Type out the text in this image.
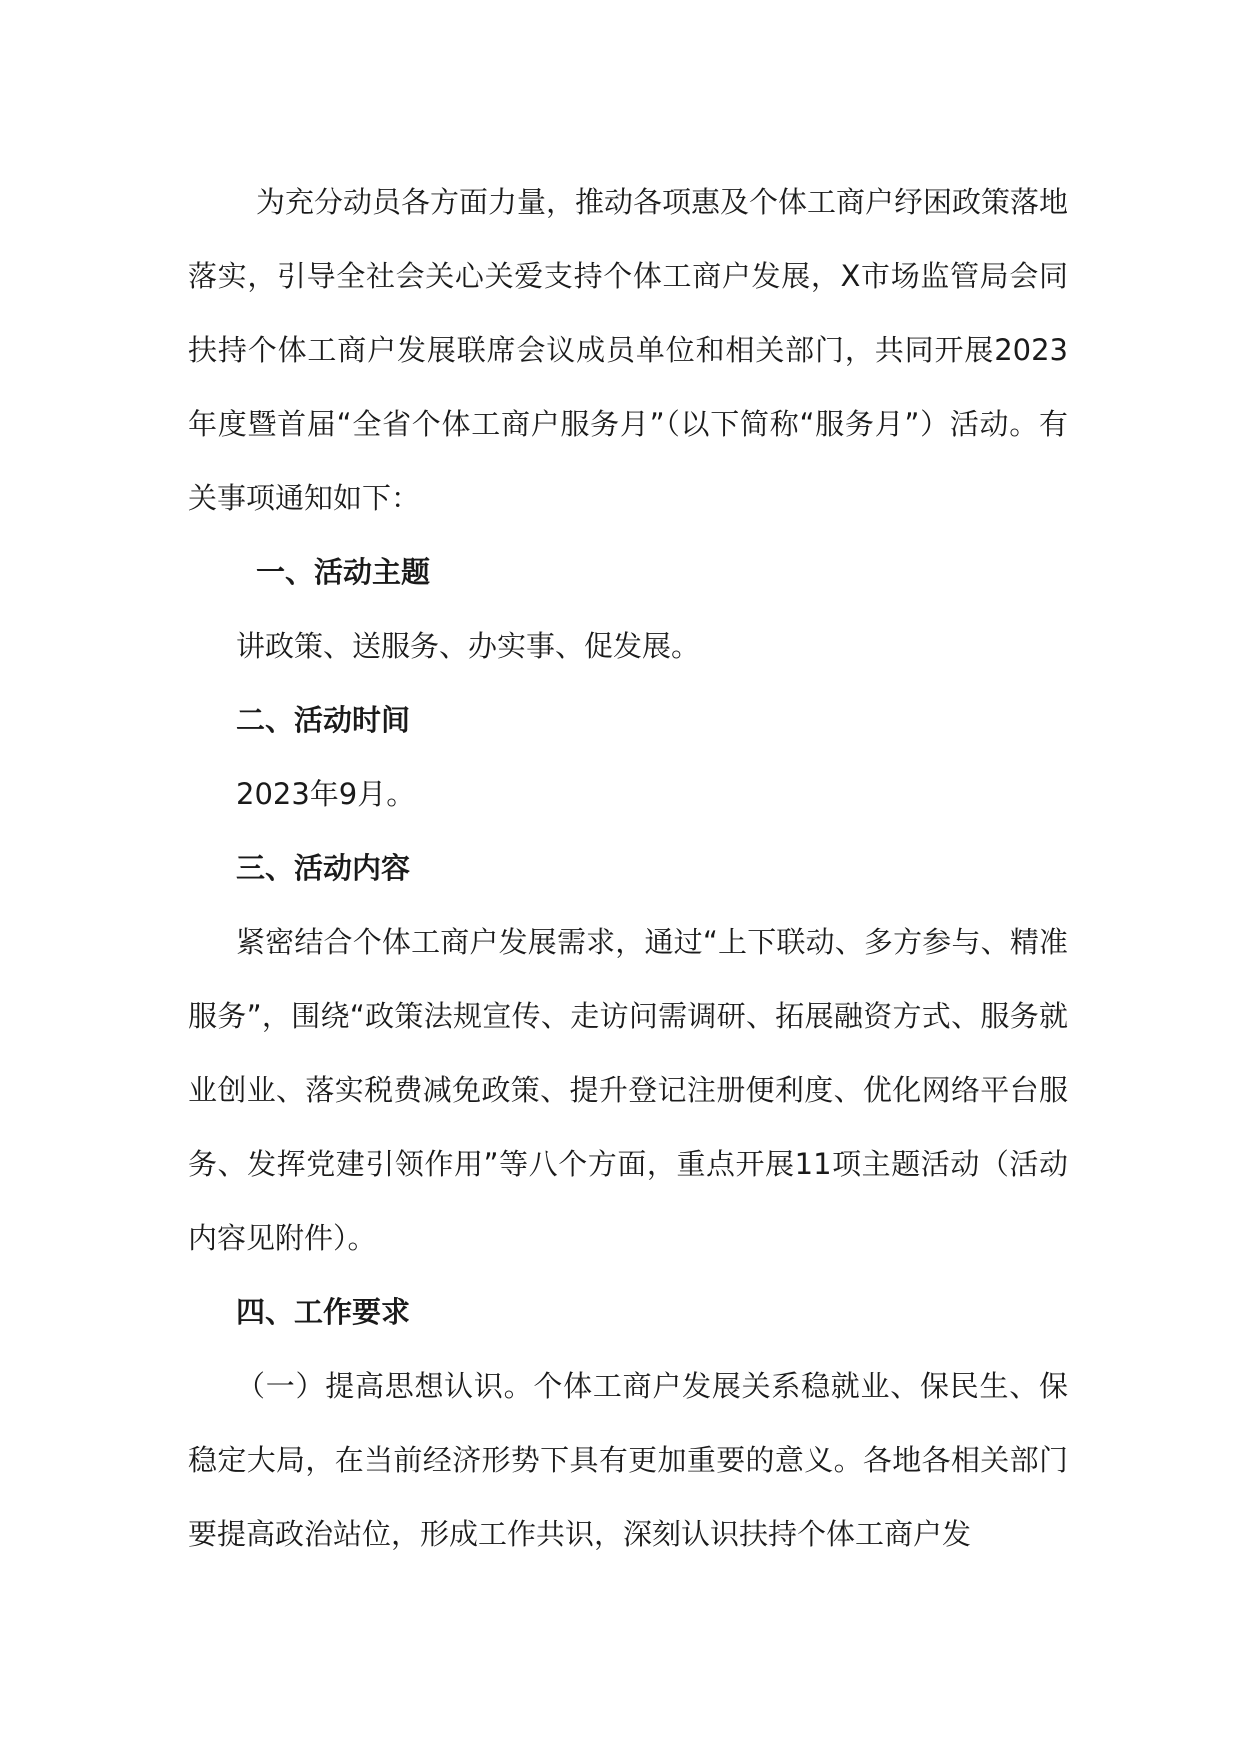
为充分动员各方面力量，推动各项惠及个体工商户纾困政策落地落实，引导全社会关心关爱支持个体工商户发展，X市场监管局会同扶持个体工商户发展联席会议成员单位和相关部门，共同开展2023年度暨首届“全省个体工商户服务月”（以下简称“服务月”）活动。有关事项通知如下：

一、活动主题

讲政策、送服务、办实事、促发展。

二、活动时间

2023年9月。

三、活动内容

紧密结合个体工商户发展需求，通过“上下联动、多方参与、精准服务”，围绕“政策法规宣传、走访问需调研、拓展融资方式、服务就业创业、落实税费减免政策、提升登记注册便利度、优化网络平台服务、发挥党建引领作用”等八个方面，重点开展11项主题活动（活动内容见附件）。

四、工作要求

（一）提高思想认识。个体工商户发展关系稳就业、保民生、保稳定大局，在当前经济形势下具有更加重要的意义。各地各相关部门要提高政治站位，形成工作共识，深刻认识扶持个体工商户发
